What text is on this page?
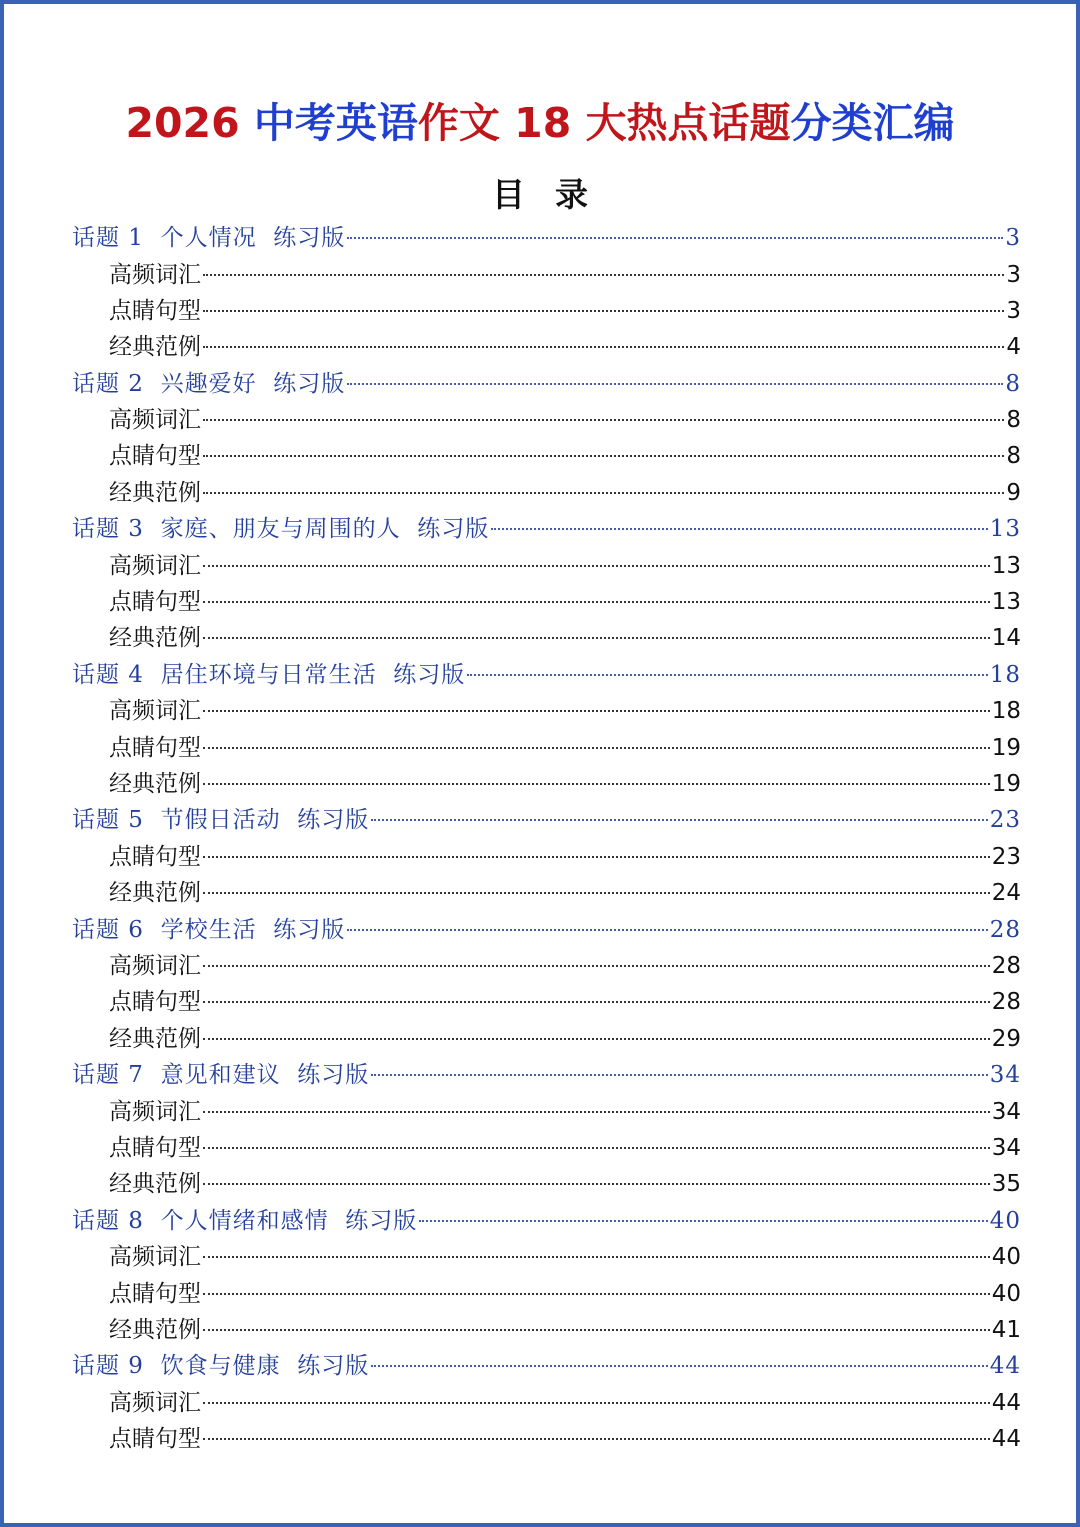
2026 中考英语作文 18 大热点话题分类汇编
目录
话题 1  个人情况  练习版	3
高频词汇	3
点睛句型	3
经典范例	4
话题 2  兴趣爱好  练习版	8
高频词汇	8
点睛句型	8
经典范例	9
话题 3  家庭、朋友与周围的人  练习版	13
高频词汇	13
点睛句型	13
经典范例	14
话题 4  居住环境与日常生活  练习版	18
高频词汇	18
点睛句型	19
经典范例	19
话题 5  节假日活动  练习版	23
点睛句型	23
经典范例	24
话题 6  学校生活  练习版	28
高频词汇	28
点睛句型	28
经典范例	29
话题 7  意见和建议  练习版	34
高频词汇	34
点睛句型	34
经典范例	35
话题 8  个人情绪和感情  练习版	40
高频词汇	40
点睛句型	40
经典范例	41
话题 9  饮食与健康  练习版	44
高频词汇	44
点睛句型	44
